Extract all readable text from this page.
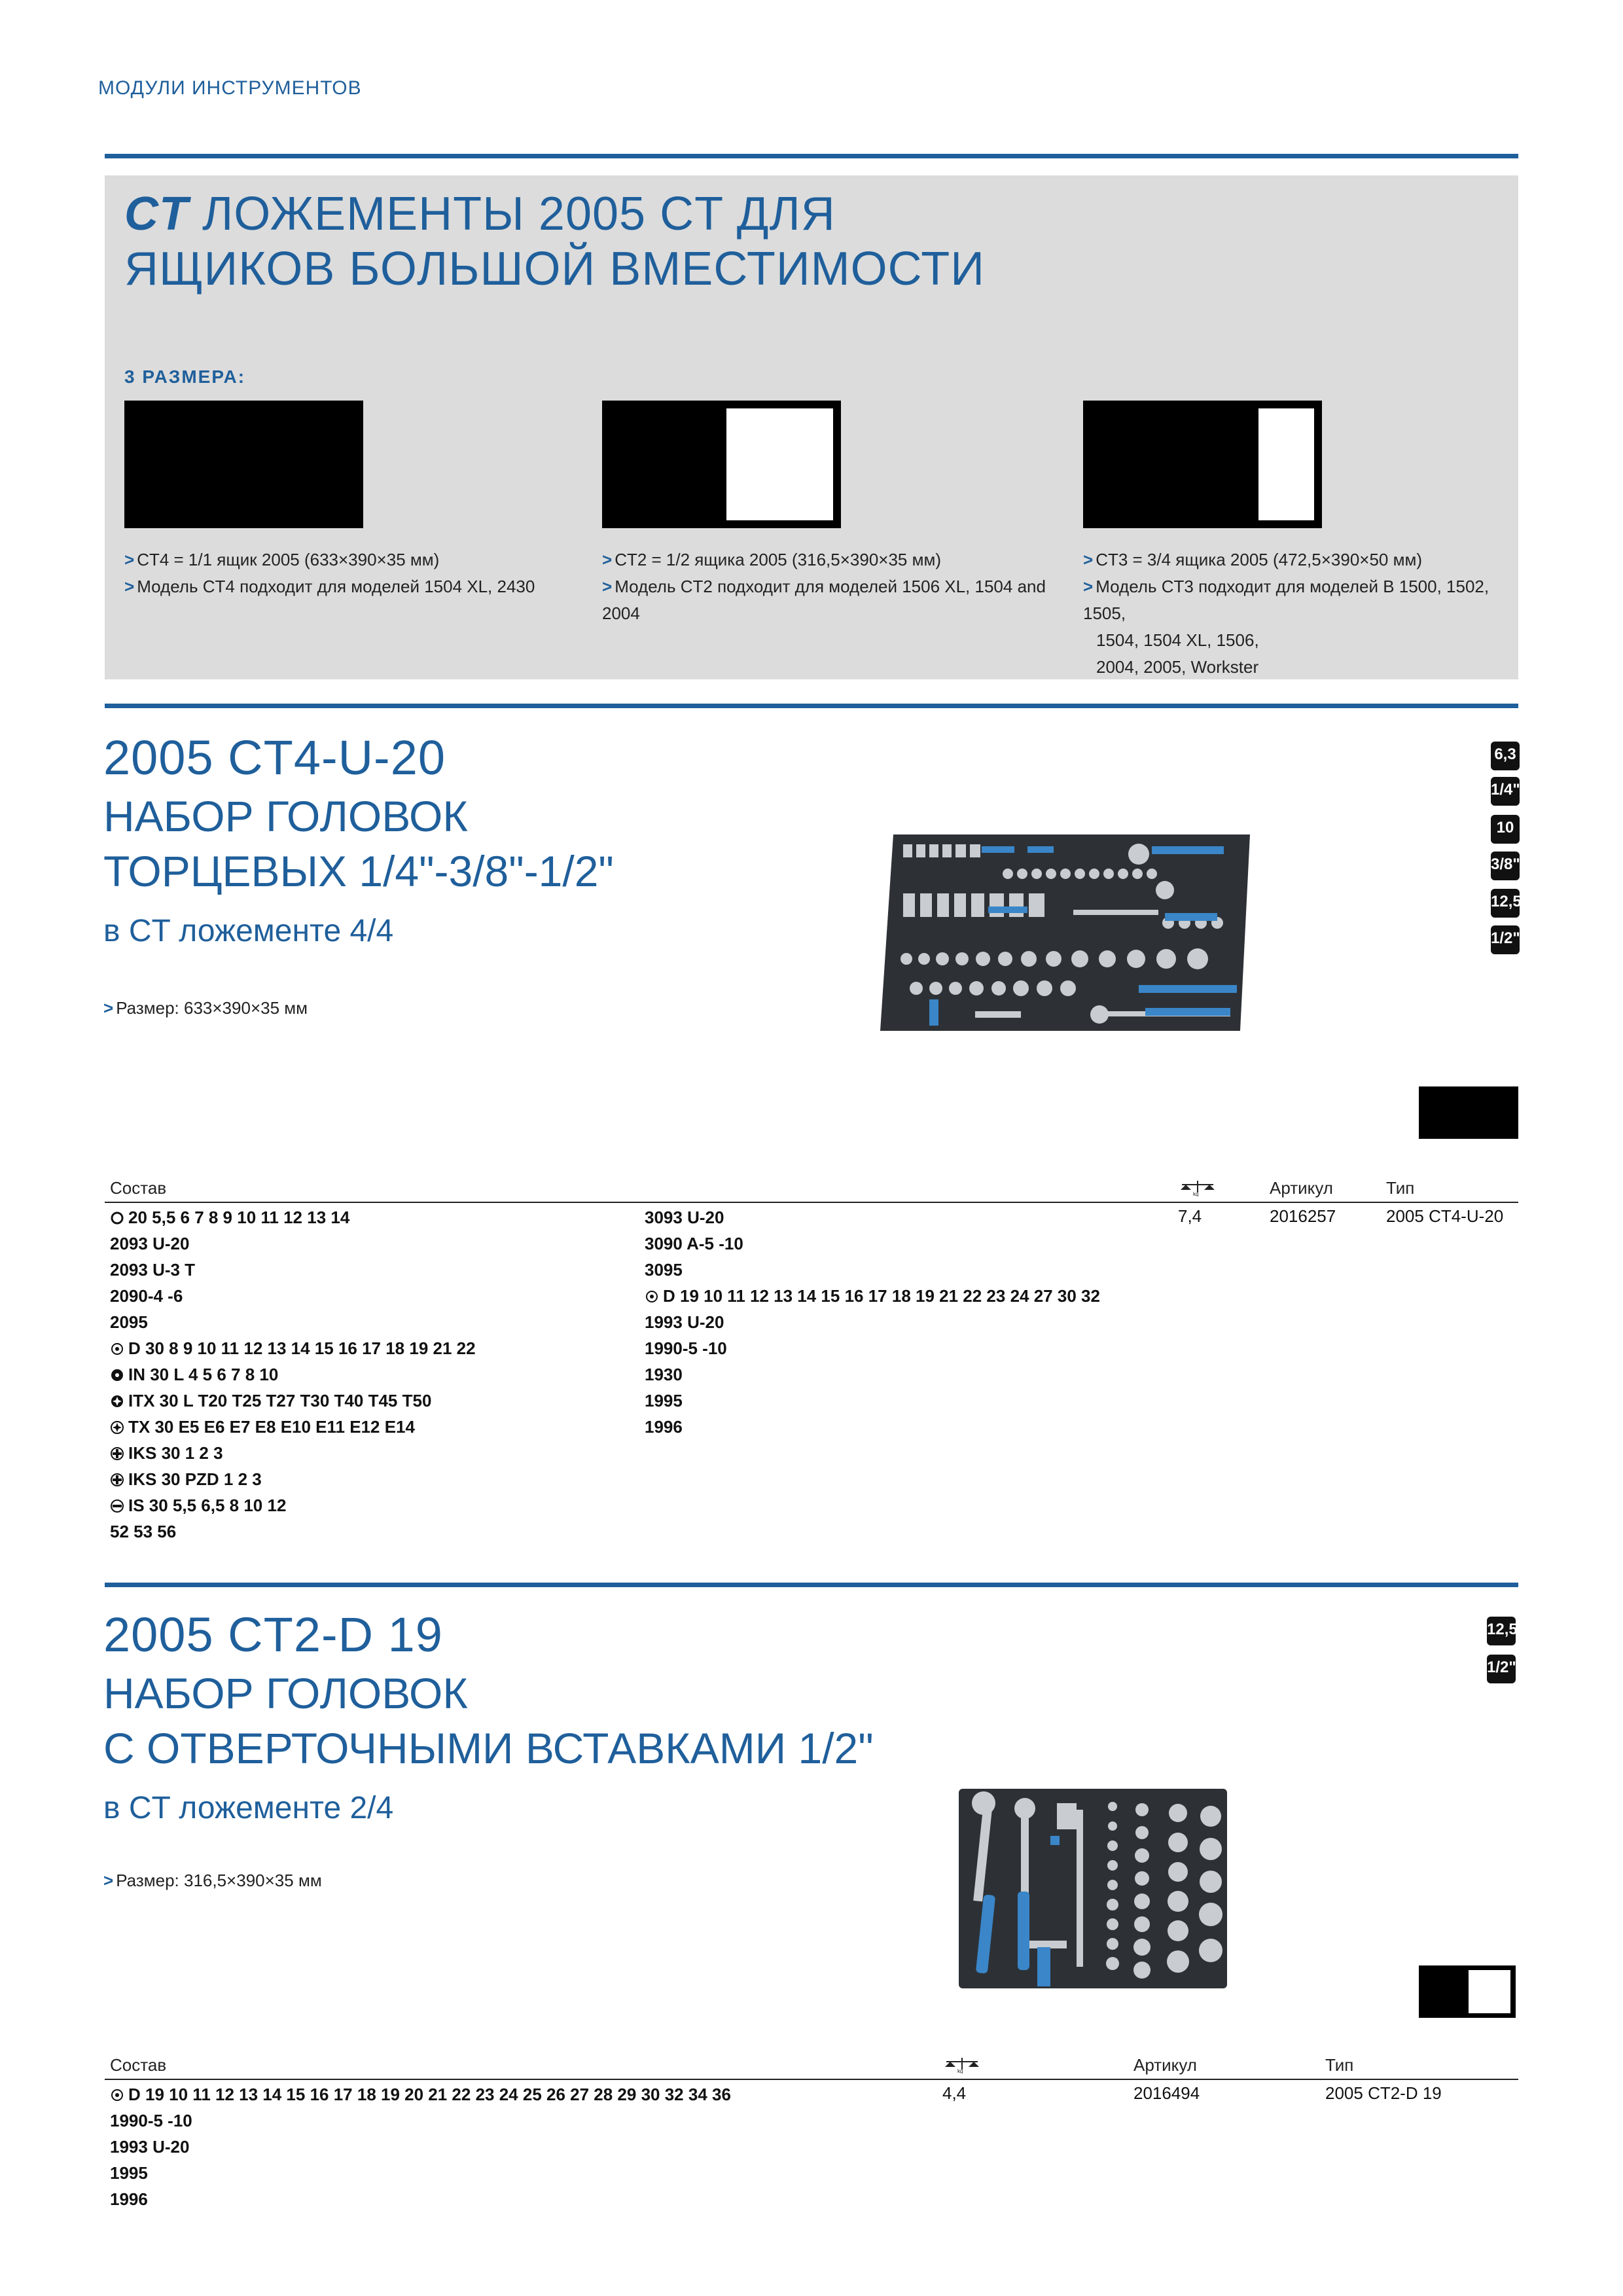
МОДУЛИ ИНСТРУМЕНТОВ
CT ЛОЖЕМЕНТЫ 2005 CT ДЛЯ
ЯЩИКОВ БОЛЬШОЙ ВМЕСТИМОСТИ
3 РАЗМЕРА:
> CT4 = 1/1 ящик 2005 (633×390×35 мм)
> Модель CT4 подходит для моделей 1504 XL, 2430
> CT2 = 1/2 ящика 2005 (316,5×390×35 мм)
> Модель CT2 подходит для моделей 1506 XL, 1504 and 2004
> CT3 = 3/4 ящика 2005 (472,5×390×50 мм)
> Модель CT3 подходит для моделей В 1500, 1502, 1505,
1504, 1504 XL, 1506,
2004, 2005, Workster
2005 CT4-U-20
НАБОР ГОЛОВОК
ТОРЦЕВЫХ 1/4"-3/8"-1/2"
в CT ложементе 4/4
> Размер: 633×390×35 мм
6,3
1/4"
10
3/8"
12,5
1/2"
Состав	kg	Артикул	Тип
20 5,5 6 7 8 9 10 11 12 13 14
2093 U-20
2093 U-3 T
2090-4 -6
2095
D 30 8 9 10 11 12 13 14 15 16 17 18 19 21 22
IN 30 L 4 5 6 7 8 10
ITX 30 L T20 T25 T27 T30 T40 T45 T50
TX 30 E5 E6 E7 E8 E10 E11 E12 E14
IKS 30 1 2 3
IKS 30 PZD 1 2 3
IS 30 5,5 6,5 8 10 12
52 53 56
3093 U-20
3090 A-5 -10
3095
D 19 10 11 12 13 14 15 16 17 18 19 21 22 23 24 27 30 32
1993 U-20
1990-5 -10
1930
1995
1996
7,4	2016257	2005 CT4-U-20
2005 CT2-D 19
НАБОР ГОЛОВОК
С ОТВЕРТОЧНЫМИ ВСТАВКАМИ 1/2"
в CT ложементе 2/4
> Размер: 316,5×390×35 мм
12,5
1/2"
Состав	kg	Артикул	Тип
D 19 10 11 12 13 14 15 16 17 18 19 20 21 22 23 24 25 26 27 28 29 30 32 34 36
1990-5 -10
1993 U-20
1995
1996
4,4	2016494	2005 CT2-D 19
